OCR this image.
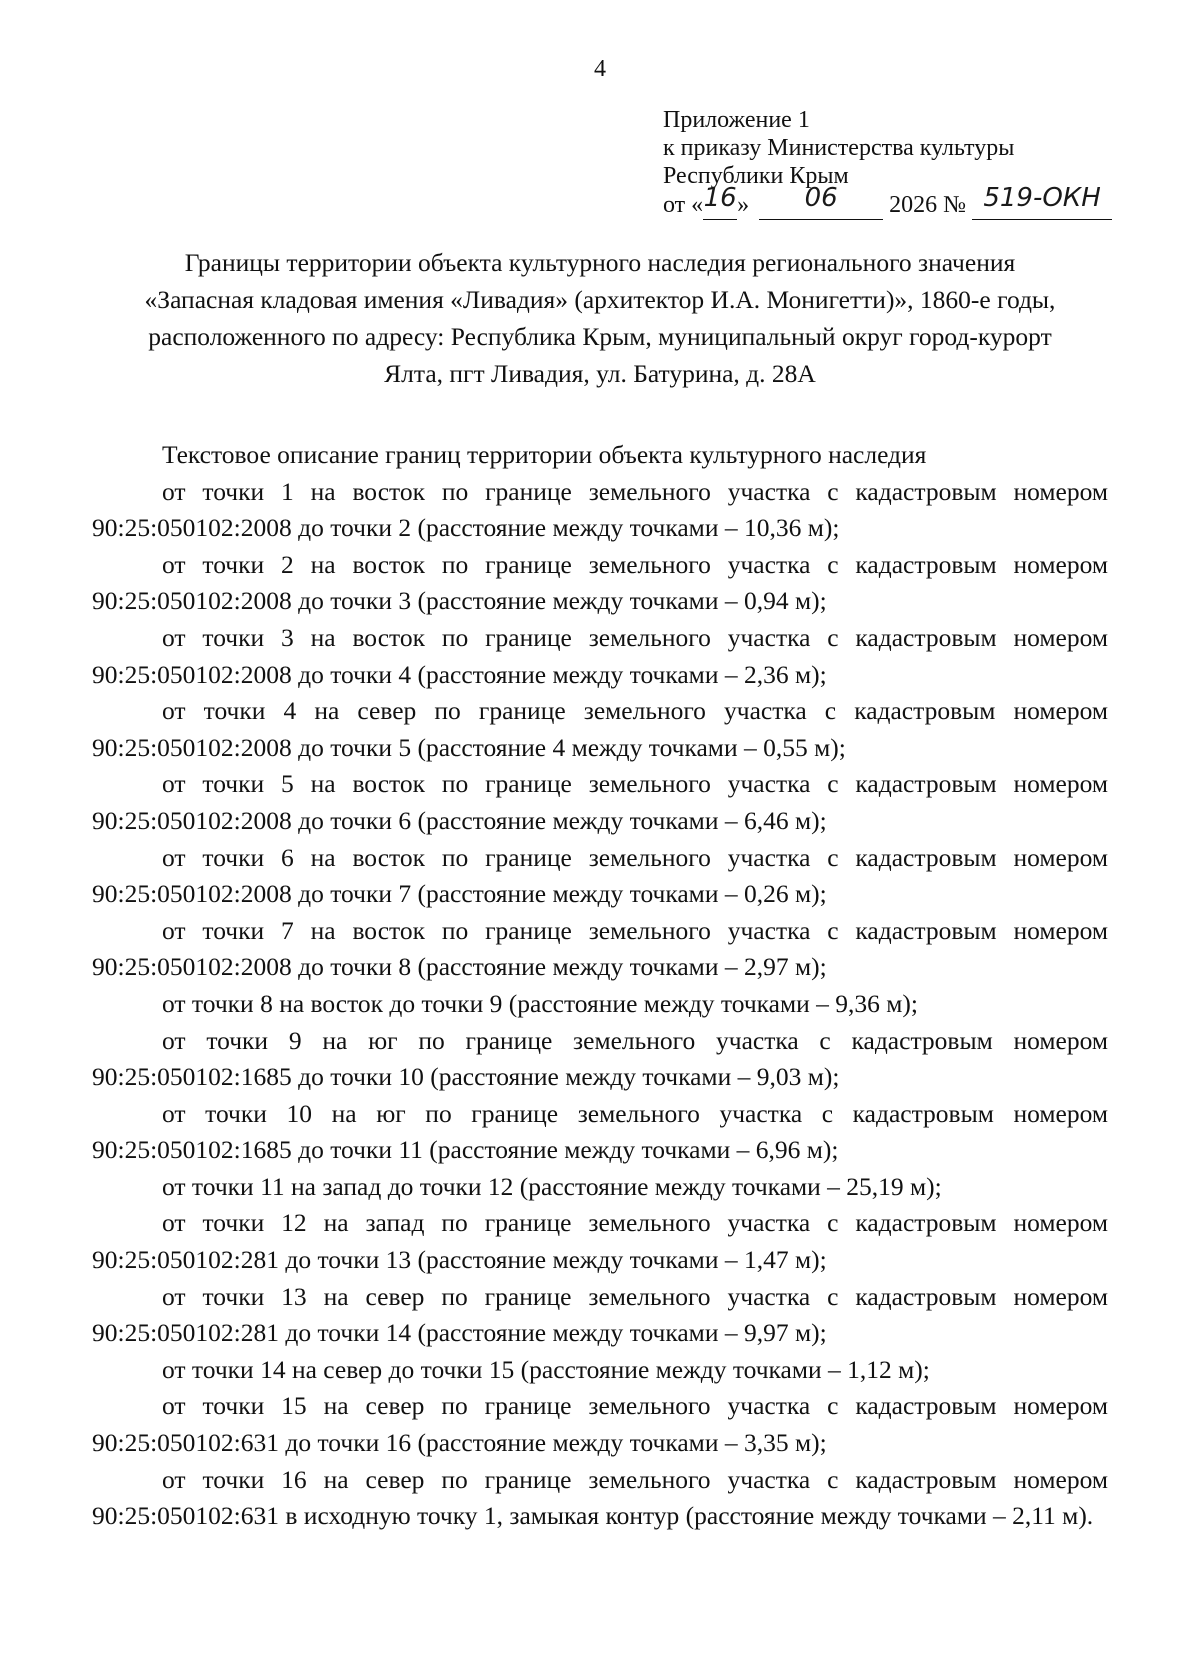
4
Приложение 1
к приказу Министерства культуры
Республики Крым
от «16» 06 2026 № 519-ОКН
Границы территории объекта культурного наследия регионального значения
«Запасная кладовая имения «Ливадия» (архитектор И.А. Монигетти)», 1860-е годы,
расположенного по адресу: Республика Крым, муниципальный округ город-курорт
Ялта, пгт Ливадия, ул. Батурина, д. 28А
Текстовое описание границ территории объекта культурного наследия

от точки 1 на восток по границе земельного участка с кадастровым номером 90:25:050102:2008 до точки 2 (расстояние между точками – 10,36 м);

от точки 2 на восток по границе земельного участка с кадастровым номером 90:25:050102:2008 до точки 3 (расстояние между точками – 0,94 м);

от точки 3 на восток по границе земельного участка с кадастровым номером 90:25:050102:2008 до точки 4 (расстояние между точками – 2,36 м);

от точки 4 на север по границе земельного участка с кадастровым номером 90:25:050102:2008 до точки 5 (расстояние 4 между точками – 0,55 м);

от точки 5 на восток по границе земельного участка с кадастровым номером 90:25:050102:2008 до точки 6 (расстояние между точками – 6,46 м);

от точки 6 на восток по границе земельного участка с кадастровым номером 90:25:050102:2008 до точки 7 (расстояние между точками – 0,26 м);

от точки 7 на восток по границе земельного участка с кадастровым номером 90:25:050102:2008 до точки 8 (расстояние между точками – 2,97 м);

от точки 8 на восток до точки 9 (расстояние между точками – 9,36 м);

от точки 9 на юг по границе земельного участка с кадастровым номером 90:25:050102:1685 до точки 10 (расстояние между точками – 9,03 м);

от точки 10 на юг по границе земельного участка с кадастровым номером 90:25:050102:1685 до точки 11 (расстояние между точками – 6,96 м);

от точки 11 на запад до точки 12 (расстояние между точками – 25,19 м);

от точки 12 на запад по границе земельного участка с кадастровым номером 90:25:050102:281 до точки 13 (расстояние между точками – 1,47 м);

от точки 13 на север по границе земельного участка с кадастровым номером 90:25:050102:281 до точки 14 (расстояние между точками – 9,97 м);

от точки 14 на север до точки 15 (расстояние между точками – 1,12 м);

от точки 15 на север по границе земельного участка с кадастровым номером 90:25:050102:631 до точки 16 (расстояние между точками – 3,35 м);

от точки 16 на север по границе земельного участка с кадастровым номером 90:25:050102:631 в исходную точку 1, замыкая контур (расстояние между точками – 2,11 м).
